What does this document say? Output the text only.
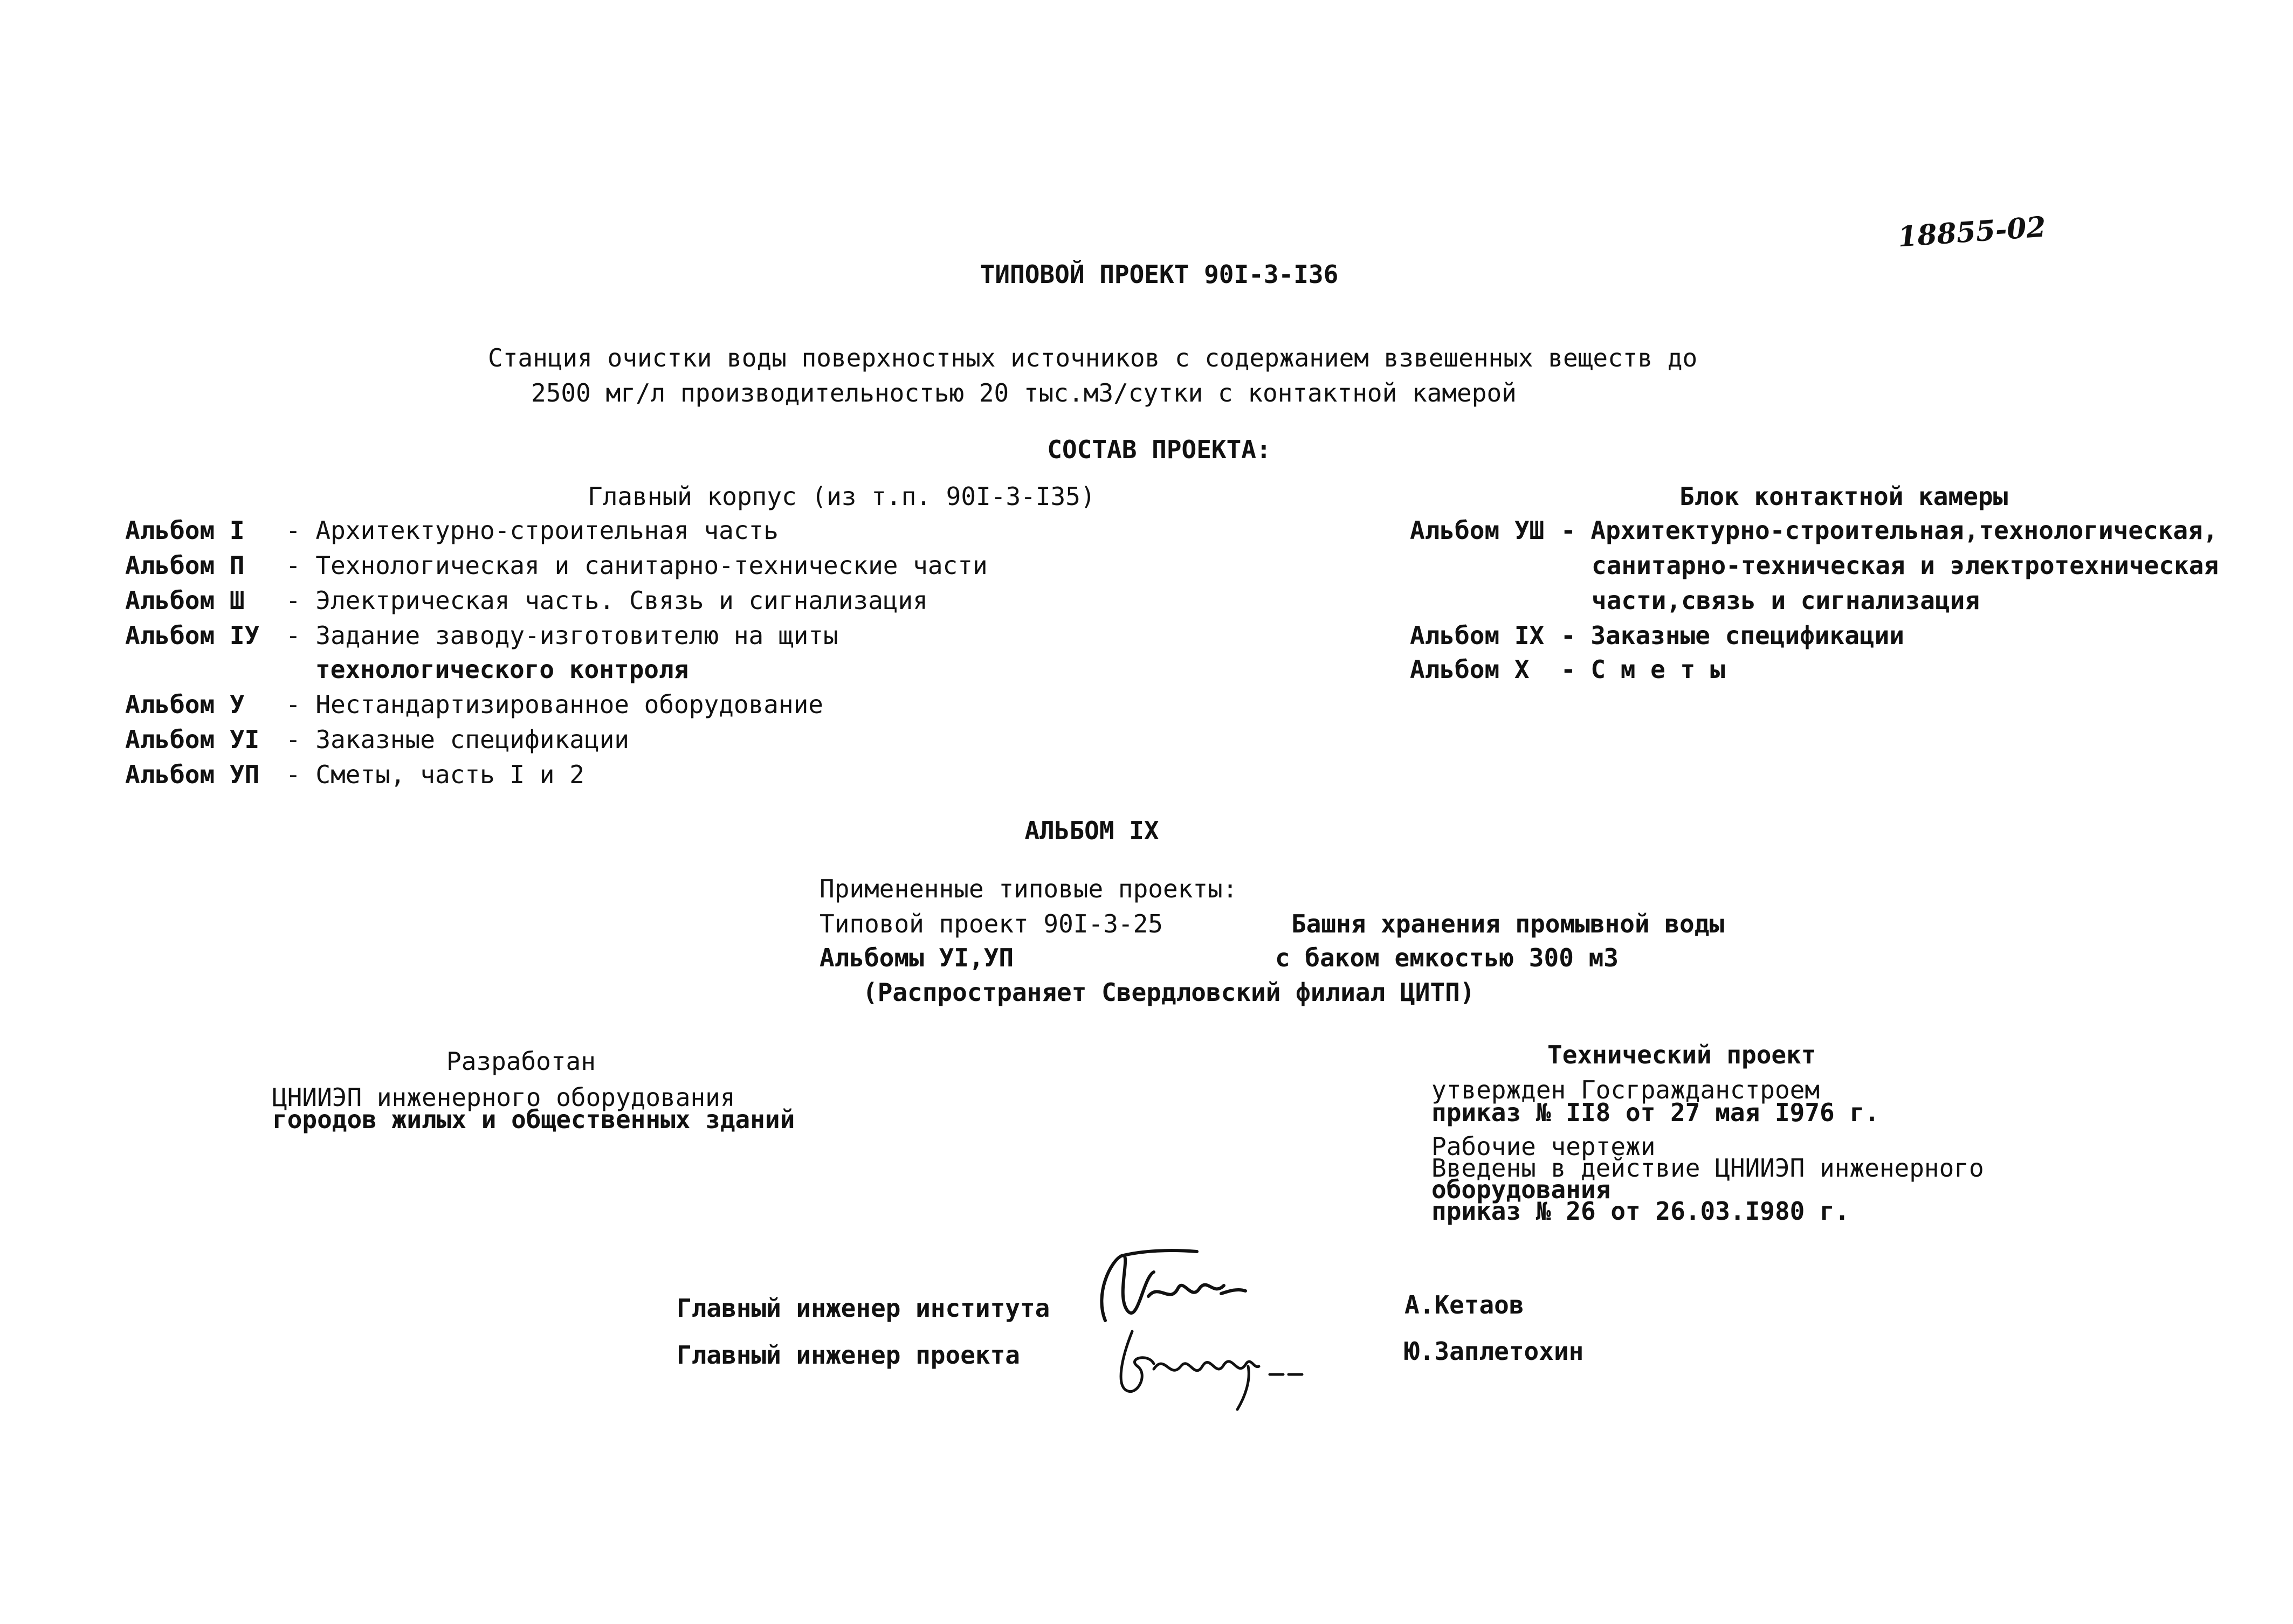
18855-02
ТИПОВОЙ ПРОЕКТ 90I-3-I36
Станция очистки воды поверхностных источников с содержанием взвешенных веществ до
2500 мг/л производительностью 20 тыс.м3/сутки с контактной камерой
СОСТАВ ПРОЕКТА:
Главный корпус (из т.п. 90I-3-I35)
Альбом I - Архитектурно-строительная часть
Альбом П - Технологическая и санитарно-технические части
Альбом Ш - Электрическая часть. Связь и сигнализация
Альбом IУ - Задание заводу-изготовителю на щиты
технологического контроля
Альбом У - Нестандартизированное оборудование
Альбом УI - Заказные спецификации
Альбом УП - Сметы, часть I и 2
Блок контактной камеры
Альбом УШ - Архитектурно-строительная,технологическая,
санитарно-техническая и электротехническая
части,связь и сигнализация
Альбом IX - Заказные спецификации
Альбом X - С м е т ы
АЛЬБОМ IX
Примененные типовые проекты:
Типовой проект 90I-3-25
Альбомы УI,УП
Башня хранения промывной воды
с баком емкостью 300 м3
(Распространяет Свердловский филиал ЦИТП)
Разработан
ЦНИИЭП инженерного оборудования
городов жилых и общественных зданий
Технический проект
утвержден Госгражданстроем
приказ № II8 от 27 мая I976 г.
Рабочие чертежи
Введены в действие ЦНИИЭП инженерного
оборудования
приказ № 26 от 26.03.I980 г.
Главный инженер института	А.Кетаов
Главный инженер проекта	Ю.Заплетохин
